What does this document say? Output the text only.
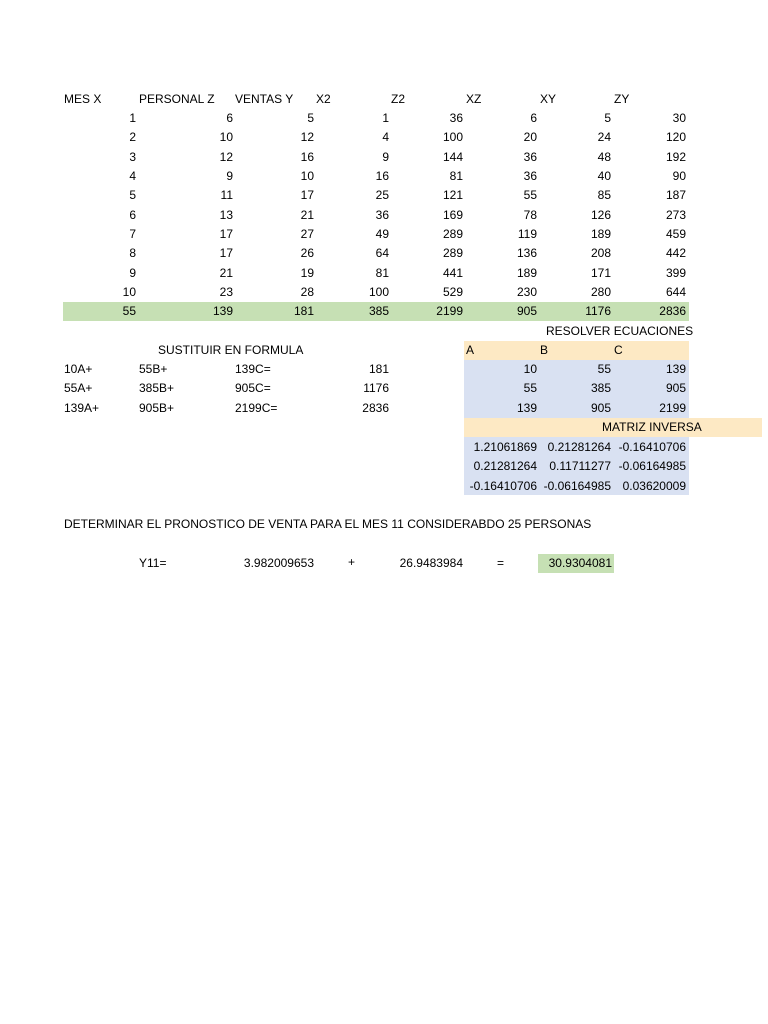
MES X	PERSONAL Z	VENTAS Y	X2	Z2	XZ	XY	ZY
1	6	5	1	36	6	5	30
2	10	12	4	100	20	24	120
3	12	16	9	144	36	48	192
4	9	10	16	81	36	40	90
5	11	17	25	121	55	85	187
6	13	21	36	169	78	126	273
7	17	27	49	289	119	189	459
8	17	26	64	289	136	208	442
9	21	19	81	441	189	171	399
10	23	28	100	529	230	280	644
55	139	181	385	2199	905	1176	2836
RESOLVER ECUACIONES
SUSTITUIR EN FORMULA	A	B	C
10A+	55B+	139C=	181
55A+	385B+	905C=	1176
139A+	905B+	2199C=	2836
10	55	139
55	385	905
139	905	2199
MATRIZ INVERSA
1.21061869 0.21281264 -0.16410706
0.21281264	0.11711277 -0.06164985
-0.16410706 -0.06164985 0.03620009
DETERMINAR EL PRONOSTICO DE VENTA PARA EL MES 11 CONSIDERABDO 25 PERSONAS
Y11=	3.982009653	+	26.9483984	=	30.9304081
